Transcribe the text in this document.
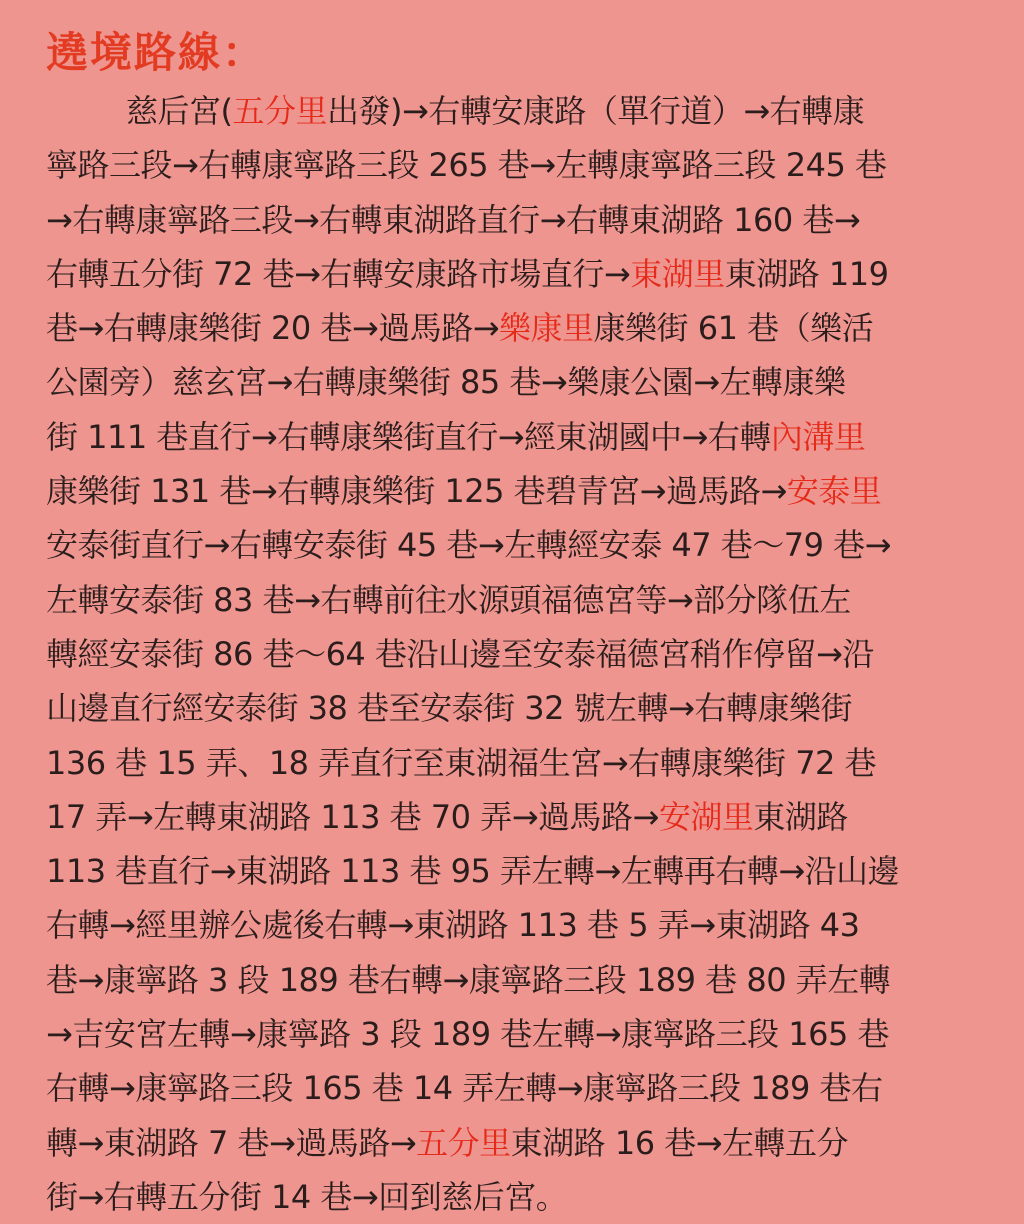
遶境路線：
慈后宮(五分里出發)→右轉安康路（單行道）→右轉康
寧路三段→右轉康寧路三段 265 巷→左轉康寧路三段 245 巷
→右轉康寧路三段→右轉東湖路直行→右轉東湖路 160 巷→
右轉五分街 72 巷→右轉安康路市場直行→東湖里東湖路 119
巷→右轉康樂街 20 巷→過馬路→樂康里康樂街 61 巷（樂活
公園旁）慈玄宮→右轉康樂街 85 巷→樂康公園→左轉康樂
街 111 巷直行→右轉康樂街直行→經東湖國中→右轉內溝里
康樂街 131 巷→右轉康樂街 125 巷碧青宮→過馬路→安泰里
安泰街直行→右轉安泰街 45 巷→左轉經安泰 47 巷～79 巷→
左轉安泰街 83 巷→右轉前往水源頭福德宮等→部分隊伍左
轉經安泰街 86 巷～64 巷沿山邊至安泰福德宮稍作停留→沿
山邊直行經安泰街 38 巷至安泰街 32 號左轉→右轉康樂街
136 巷 15 弄、18 弄直行至東湖福生宮→右轉康樂街 72 巷
17 弄→左轉東湖路 113 巷 70 弄→過馬路→安湖里東湖路
113 巷直行→東湖路 113 巷 95 弄左轉→左轉再右轉→沿山邊
右轉→經里辦公處後右轉→東湖路 113 巷 5 弄→東湖路 43
巷→康寧路 3 段 189 巷右轉→康寧路三段 189 巷 80 弄左轉
→吉安宮左轉→康寧路 3 段 189 巷左轉→康寧路三段 165 巷
右轉→康寧路三段 165 巷 14 弄左轉→康寧路三段 189 巷右
轉→東湖路 7 巷→過馬路→五分里東湖路 16 巷→左轉五分
街→右轉五分街 14 巷→回到慈后宮。
